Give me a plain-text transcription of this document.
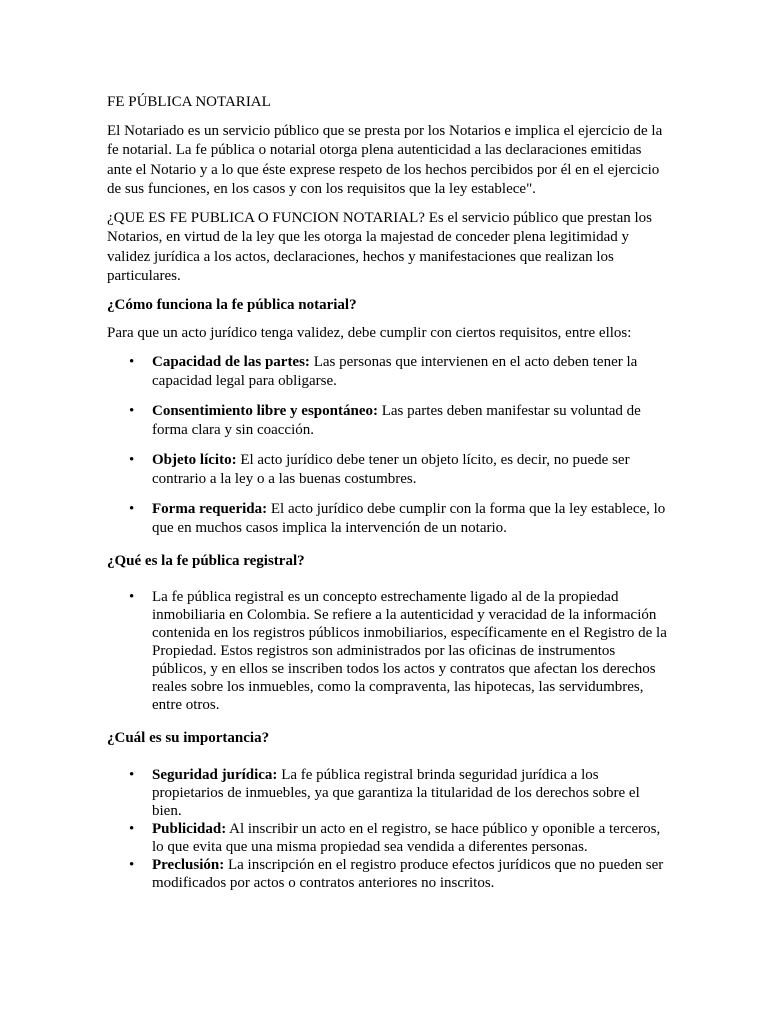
FE PÚBLICA NOTARIAL

El Notariado es un servicio público que se presta por los Notarios e implica el ejercicio de la fe notarial. La fe pública o notarial otorga plena autenticidad a las declaraciones emitidas ante el Notario y a lo que éste exprese respeto de los hechos percibidos por él en el ejercicio de sus funciones, en los casos y con los requisitos que la ley establece".

¿QUE ES FE PUBLICA O FUNCION NOTARIAL? Es el servicio público que prestan los Notarios, en virtud de la ley que les otorga la majestad de conceder plena legitimidad y validez jurídica a los actos, declaraciones, hechos y manifestaciones que realizan los particulares.

¿Cómo funciona la fe pública notarial?

Para que un acto jurídico tenga validez, debe cumplir con ciertos requisitos, entre ellos:

• Capacidad de las partes: Las personas que intervienen en el acto deben tener la capacidad legal para obligarse.
• Consentimiento libre y espontáneo: Las partes deben manifestar su voluntad de forma clara y sin coacción.
• Objeto lícito: El acto jurídico debe tener un objeto lícito, es decir, no puede ser contrario a la ley o a las buenas costumbres.
• Forma requerida: El acto jurídico debe cumplir con la forma que la ley establece, lo que en muchos casos implica la intervención de un notario.

¿Qué es la fe pública registral?

• La fe pública registral es un concepto estrechamente ligado al de la propiedad inmobiliaria en Colombia. Se refiere a la autenticidad y veracidad de la información contenida en los registros públicos inmobiliarios, específicamente en el Registro de la Propiedad. Estos registros son administrados por las oficinas de instrumentos públicos, y en ellos se inscriben todos los actos y contratos que afectan los derechos reales sobre los inmuebles, como la compraventa, las hipotecas, las servidumbres, entre otros.

¿Cuál es su importancia?

• Seguridad jurídica: La fe pública registral brinda seguridad jurídica a los propietarios de inmuebles, ya que garantiza la titularidad de los derechos sobre el bien.
• Publicidad: Al inscribir un acto en el registro, se hace público y oponible a terceros, lo que evita que una misma propiedad sea vendida a diferentes personas.
• Preclusión: La inscripción en el registro produce efectos jurídicos que no pueden ser modificados por actos o contratos anteriores no inscritos.
